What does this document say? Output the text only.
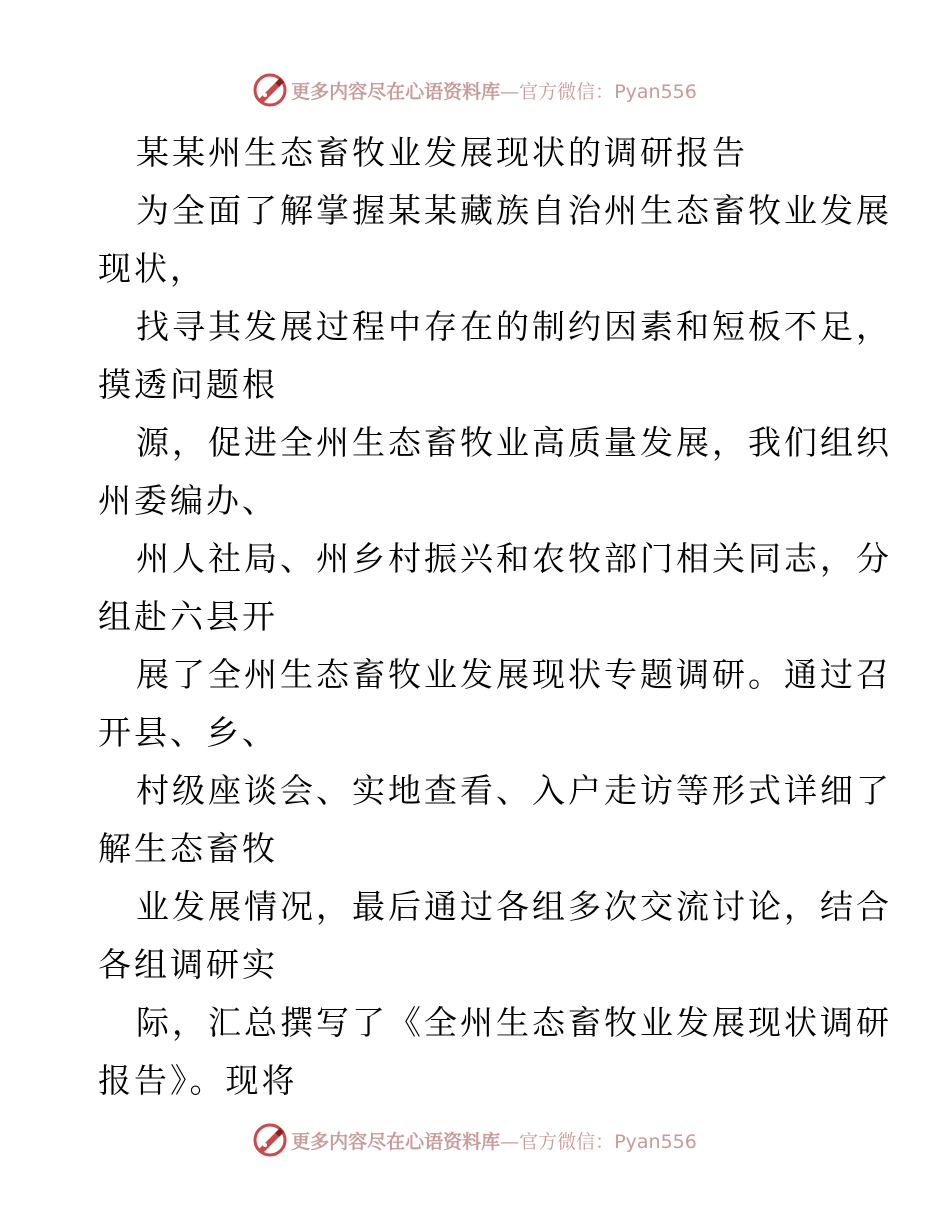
更多内容尽在心语资料库—官方微信：Pyan556
某某州生态畜牧业发展现状的调研报告
为全面了解掌握某某藏族自治州生态畜牧业发展
现状，
找寻其发展过程中存在的制约因素和短板不足，
摸透问题根
源，促进全州生态畜牧业高质量发展，我们组织
州委编办、
州人社局、州乡村振兴和农牧部门相关同志，分
组赴六县开
展了全州生态畜牧业发展现状专题调研。通过召
开县、乡、
村级座谈会、实地查看、入户走访等形式详细了
解生态畜牧
业发展情况，最后通过各组多次交流讨论，结合
各组调研实
际，汇总撰写了《全州生态畜牧业发展现状调研
报告》。现将
更多内容尽在心语资料库—官方微信：Pyan556
